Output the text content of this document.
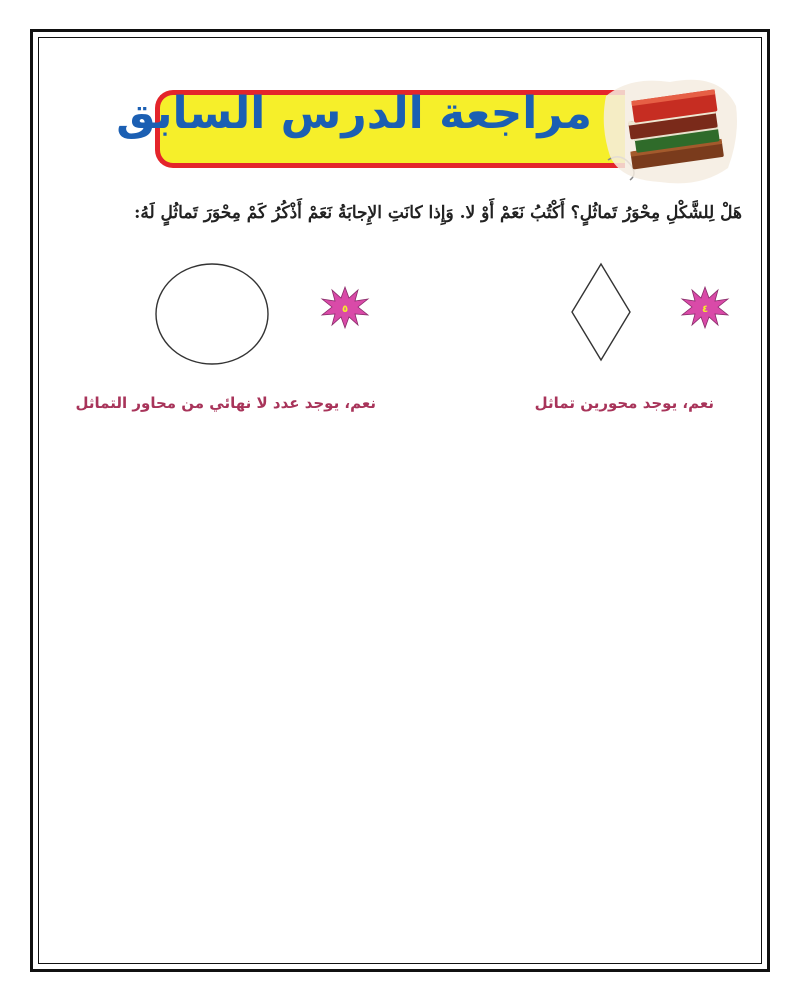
مراجعة الدرس السابق
هَلْ لِلشَّكْلِ مِحْوَرُ تَماثُلٍ؟ أَكْتُبُ نَعَمْ أَوْ لا. وَإِذا كانَتِ الإِجابَةُ نَعَمْ أَذْكُرُ كَمْ مِحْوَرَ تَماثُلٍ لَهُ:
٤
نعم، يوجد محورين تماثل
٥
نعم، يوجد عدد لا نهائي من محاور التماثل
